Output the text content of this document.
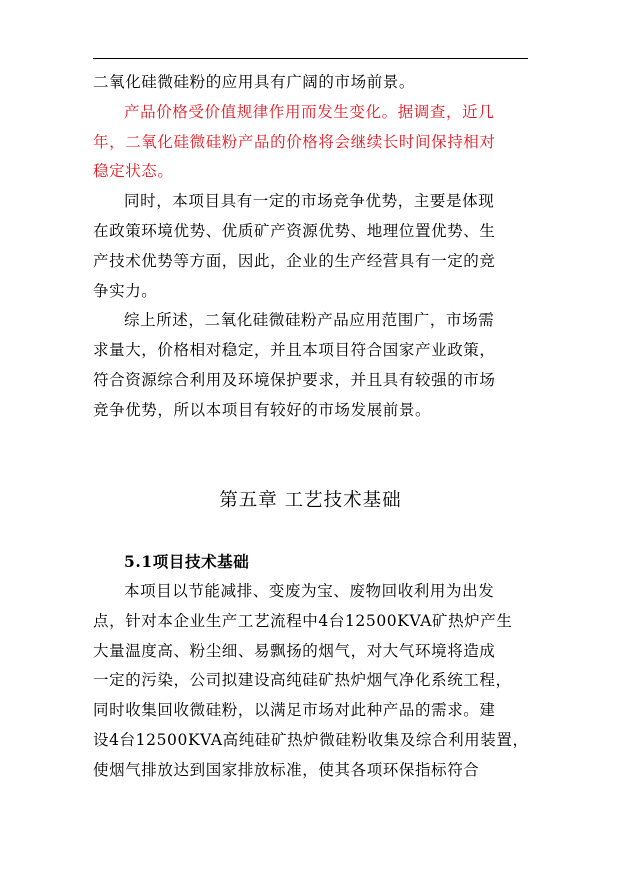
二氧化硅微硅粉的应用具有广阔的市场前景。
产品价格受价值规律作用而发生变化。据调查，近几
年，二氧化硅微硅粉产品的价格将会继续长时间保持相对
稳定状态。
同时，本项目具有一定的市场竞争优势，主要是体现
在政策环境优势、优质矿产资源优势、地理位置优势、生
产技术优势等方面，因此，企业的生产经营具有一定的竞
争实力。
综上所述，二氧化硅微硅粉产品应用范围广，市场需
求量大，价格相对稳定，并且本项目符合国家产业政策，
符合资源综合利用及环境保护要求，并且具有较强的市场
竞争优势，所以本项目有较好的市场发展前景。
第五章 工艺技术基础
5.1项目技术基础
本项目以节能减排、变废为宝、废物回收利用为出发
点，针对本企业生产工艺流程中4台12500KVA矿热炉产生
大量温度高、粉尘细、易飘扬的烟气，对大气环境将造成
一定的污染，公司拟建设高纯硅矿热炉烟气净化系统工程，
同时收集回收微硅粉，以满足市场对此种产品的需求。建
设4台12500KVA高纯硅矿热炉微硅粉收集及综合利用装置，
使烟气排放达到国家排放标准，使其各项环保指标符合
